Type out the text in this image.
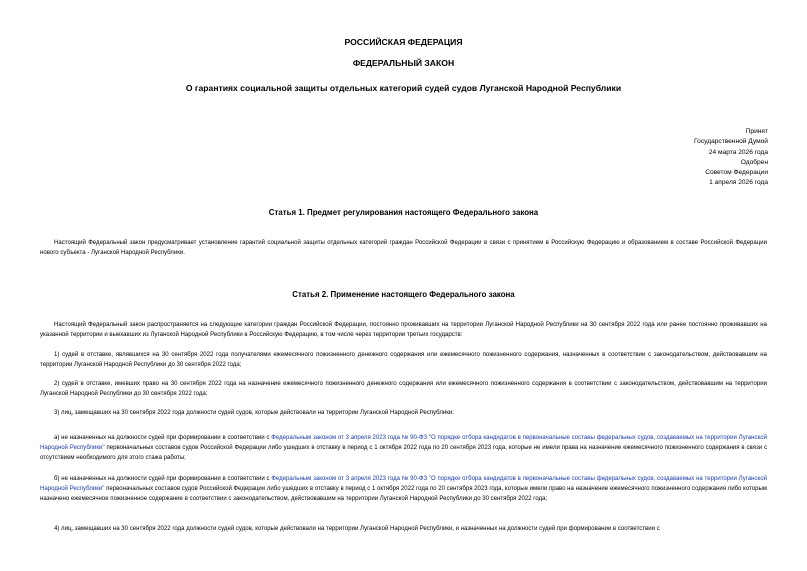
РОССИЙСКАЯ ФЕДЕРАЦИЯ
ФЕДЕРАЛЬНЫЙ ЗАКОН
О гарантиях социальной защиты отдельных категорий судей судов Луганской Народной Республики
Принят
Государственной Думой
24 марта 2026 года
Одобрен
Советом Федерации
1 апреля 2026 года
Статья 1. Предмет регулирования настоящего Федерального закона
Настоящий Федеральный закон предусматривает установление гарантий социальной защиты отдельных категорий граждан Российской Федерации в связи с принятием в Российскую Федерацию и образованием в составе Российской Федерации нового субъекта - Луганской Народной Республики.
Статья 2. Применение настоящего Федерального закона
Настоящий Федеральный закон распространяется на следующие категории граждан Российской Федерации, постоянно проживавших на территории Луганской Народной Республики на 30 сентября 2022 года или ранее постоянно проживавших на указанной территории и выехавших из Луганской Народной Республики в Российскую Федерацию, в том числе через территории третьих государств:
1) судей в отставке, являвшихся на 30 сентября 2022 года получателями ежемесячного пожизненного денежного содержания или ежемесячного пожизненного содержания, назначенных в соответствии с законодательством, действовавшим на территории Луганской Народной Республики до 30 сентября 2022 года;
2) судей в отставке, имевших право на 30 сентября 2022 года на назначение ежемесячного пожизненного денежного содержания или ежемесячного пожизненного содержания в соответствии с законодательством, действовавшим на территории Луганской Народной Республики до 30 сентября 2022 года;
3) лиц, замещавших на 30 сентября 2022 года должности судей судов, которые действовали на территории Луганской Народной Республики:
а) не назначенных на должности судей при формировании в соответствии с Федеральным законом от 3 апреля 2023 года № 90-ФЗ "О порядке отбора кандидатов в первоначальные составы федеральных судов, создаваемых на территории Луганской Народной Республики" первоначальных составов судов Российской Федерации либо ушедших в отставку в период с 1 октября 2022 года по 20 сентября 2023 года, которые не имели права на назначение ежемесячного пожизненного содержания в связи с отсутствием необходимого для этого стажа работы;
б) не назначенных на должности судей при формировании в соответствии с Федеральным законом от 3 апреля 2023 года № 90-ФЗ "О порядке отбора кандидатов в первоначальные составы федеральных судов, создаваемых на территории Луганской Народной Республики" первоначальных составов судов Российской Федерации либо ушедших в отставку в период с 1 октября 2022 года по 20 сентября 2023 года, которые имели право на назначение ежемесячного пожизненного содержания либо которым назначено ежемесячное пожизненное содержание в соответствии с законодательством, действовавшим на территории Луганской Народной Республики до 30 сентября 2022 года;
4) лиц, замещавших на 30 сентября 2022 года должности судей судов, которые действовали на территории Луганской Народной Республики, и назначенных на должности судей при формировании в соответствии с
